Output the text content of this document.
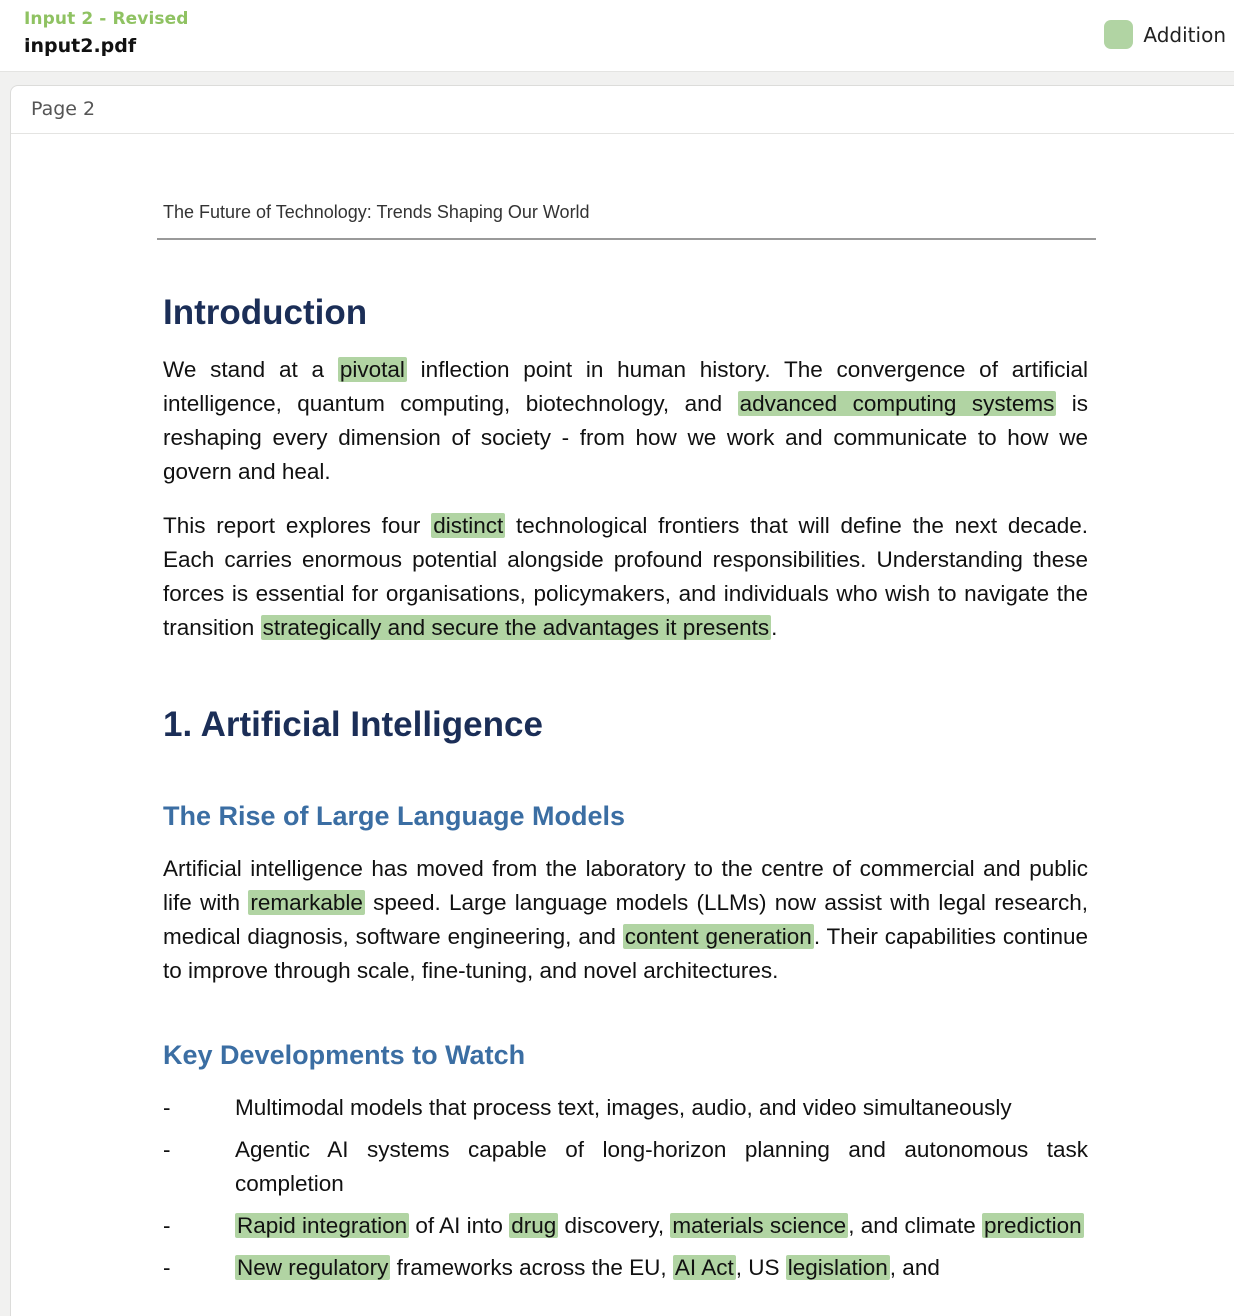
Input 2 - Revised
input2.pdf	Addition
Page 2
The Future of Technology: Trends Shaping Our World
Introduction

We stand at a pivotal inflection point in human history. The convergence of artificial intelligence, quantum computing, biotechnology, and advanced computing systems is reshaping every dimension of society - from how we work and communicate to how we govern and heal.

This report explores four distinct technological frontiers that will define the next decade. Each carries enormous potential alongside profound responsibilities. Understanding these forces is essential for organisations, policymakers, and individuals who wish to navigate the transition strategically and secure the advantages it presents.

1. Artificial Intelligence
The Rise of Large Language Models

Artificial intelligence has moved from the laboratory to the centre of commercial and public life with remarkable speed. Large language models (LLMs) now assist with legal research, medical diagnosis, software engineering, and content generation. Their capabilities continue to improve through scale, fine-tuning, and novel architectures.

Key Developments to Watch
-	Multimodal models that process text, images, audio, and video simultaneously
-	Agentic AI systems capable of long-horizon planning and autonomous task completion
-	Rapid integration of AI into drug discovery, materials science, and climate prediction
-	New regulatory frameworks across the EU, AI Act, US legislation, and
